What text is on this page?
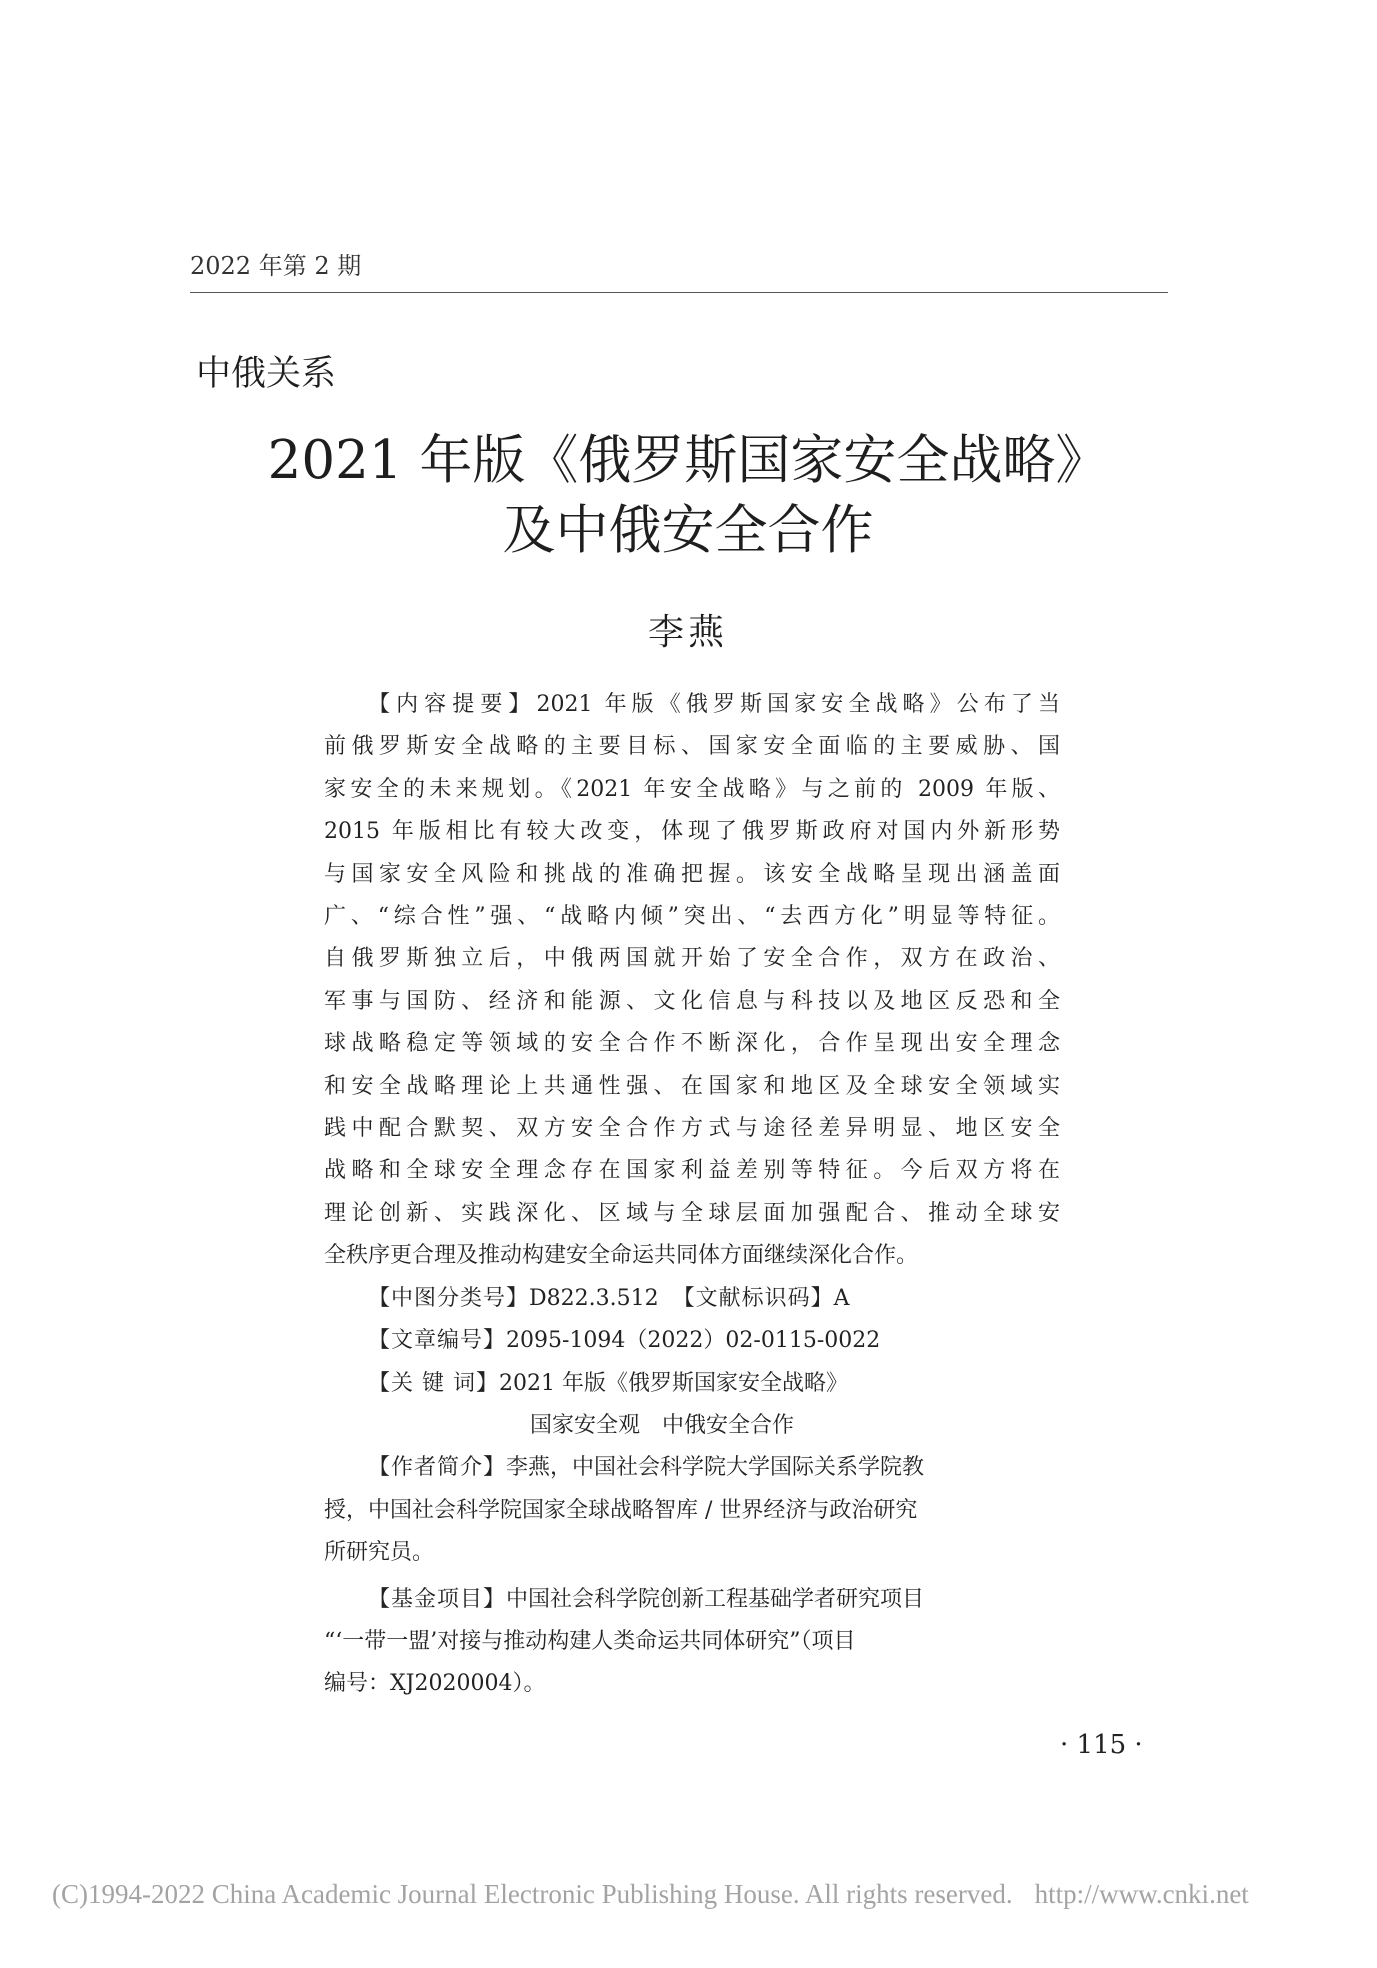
2022 年第 2 期
中俄关系
2021 年版《俄罗斯国家安全战略》
及中俄安全合作
李燕
【内容提要】2021 年版《俄罗斯国家安全战略》公布了当
前俄罗斯安全战略的主要目标、国家安全面临的主要威胁、国
家安全的未来规划。《2021 年安全战略》与之前的 2009 年版、
2015 年版相比有较大改变，体现了俄罗斯政府对国内外新形势
与国家安全风险和挑战的准确把握。该安全战略呈现出涵盖面
广、“综合性”强、“战略内倾”突出、“去西方化”明显等特征。
自俄罗斯独立后，中俄两国就开始了安全合作，双方在政治、
军事与国防、经济和能源、文化信息与科技以及地区反恐和全
球战略稳定等领域的安全合作不断深化，合作呈现出安全理念
和安全战略理论上共通性强、在国家和地区及全球安全领域实
践中配合默契、双方安全合作方式与途径差异明显、地区安全
战略和全球安全理念存在国家利益差别等特征。今后双方将在
理论创新、实践深化、区域与全球层面加强配合、推动全球安
全秩序更合理及推动构建安全命运共同体方面继续深化合作。
【中图分类号】D822.3.512 【文献标识码】A
【文章编号】2095-1094（2022）02-0115-0022
【关 键 词】2021 年版《俄罗斯国家安全战略》
国家安全观　中俄安全合作
【作者简介】李燕，中国社会科学院大学国际关系学院教
授，中国社会科学院国家全球战略智库 / 世界经济与政治研究
所研究员。
【基金项目】中国社会科学院创新工程基础学者研究项目
“‘一带一盟’对接与推动构建人类命运共同体研究”（项目
编号：XJ2020004）。
· 115 ·
(C)1994-2022 China Academic Journal Electronic Publishing House. All rights reserved. http://www.cnki.net
